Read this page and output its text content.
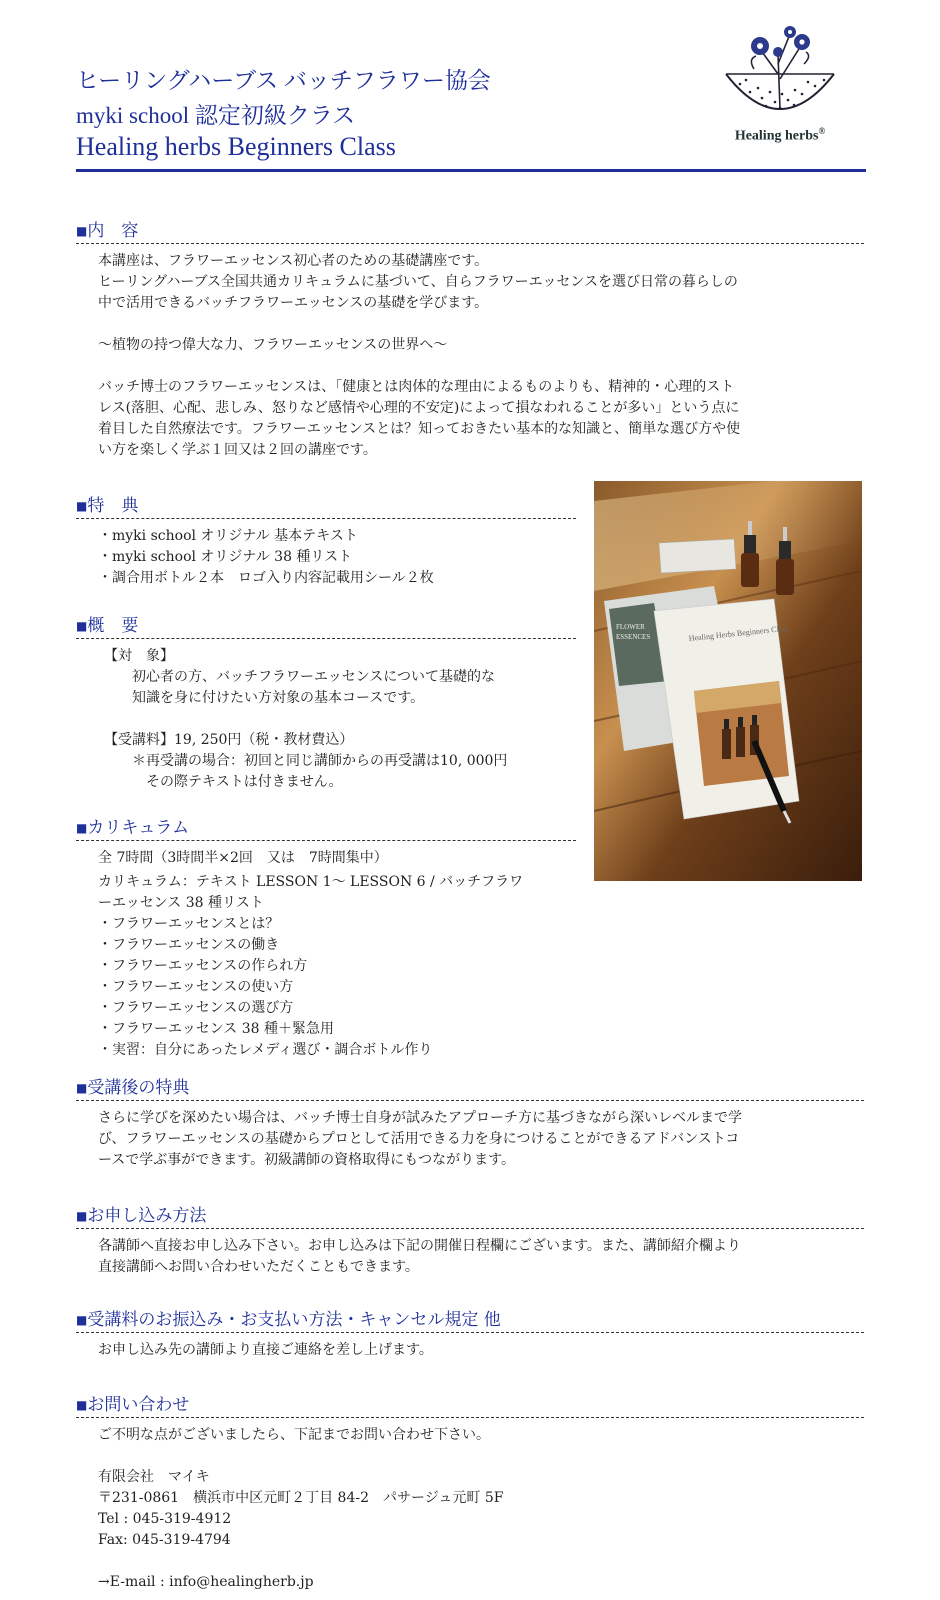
ヒーリングハーブス バッチフラワー協会
myki school 認定初級クラス
Healing herbs Beginners Class	Healing herbs®
■内　容
本講座は、フラワーエッセンス初心者のための基礎講座です。
ヒーリングハーブス全国共通カリキュラムに基づいて、自らフラワーエッセンスを選び日常の暮らしの
中で活用できるバッチフラワーエッセンスの基礎を学びます。
～植物の持つ偉大な力、フラワーエッセンスの世界へ～
バッチ博士のフラワーエッセンスは、「健康とは肉体的な理由によるものよりも、精神的・心理的スト
レス(落胆、心配、悲しみ、怒りなど感情や心理的不安定)によって損なわれることが多い」という点に
着目した自然療法です。フラワーエッセンスとは？知っておきたい基本的な知識と、簡単な選び方や使
い方を楽しく学ぶ１回又は２回の講座です。
■特　典
・myki school オリジナル 基本テキスト
・myki school オリジナル 38 種リスト
・調合用ボトル２本　ロゴ入り内容記載用シール２枚
■概　要
【対　象】
初心者の方、バッチフラワーエッセンスについて基礎的な
知識を身に付けたい方対象の基本コースです。
【受講料】19, 250円（税・教材費込）
＊再受講の場合：初回と同じ講師からの再受講は10, 000円
その際テキストは付きません。
■カリキュラム
全 7時間（3時間半×2回　又は　7時間集中）
カリキュラム：テキスト LESSON 1～ LESSON 6 / バッチフラワ
ーエッセンス 38 種リスト
・フラワーエッセンスとは？
・フラワーエッセンスの働き
・フラワーエッセンスの作られ方
・フラワーエッセンスの使い方
・フラワーエッセンスの選び方
・フラワーエッセンス 38 種＋緊急用
・実習：自分にあったレメディ選び・調合ボトル作り
■受講後の特典
さらに学びを深めたい場合は、バッチ博士自身が試みたアプローチ方に基づきながら深いレベルまで学
び、フラワーエッセンスの基礎からプロとして活用できる力を身につけることができるアドバンストコ
ースで学ぶ事ができます。初級講師の資格取得にもつながります。
■お申し込み方法
各講師へ直接お申し込み下さい。お申し込みは下記の開催日程欄にございます。また、講師紹介欄より
直接講師へお問い合わせいただくこともできます。
■受講料のお振込み・お支払い方法・キャンセル規定 他
お申し込み先の講師より直接ご連絡を差し上げます。
■お問い合わせ
ご不明な点がございましたら、下記までお問い合わせ下さい。
有限会社　マイキ
〒231-0861　横浜市中区元町２丁目 84-2　パサージュ元町 5F
Tel : 045-319-4912
Fax: 045-319-4794
→E-mail : info@healingherb.jp
FLOWER
ESSENCES	Healing Herbs Beginners Class
